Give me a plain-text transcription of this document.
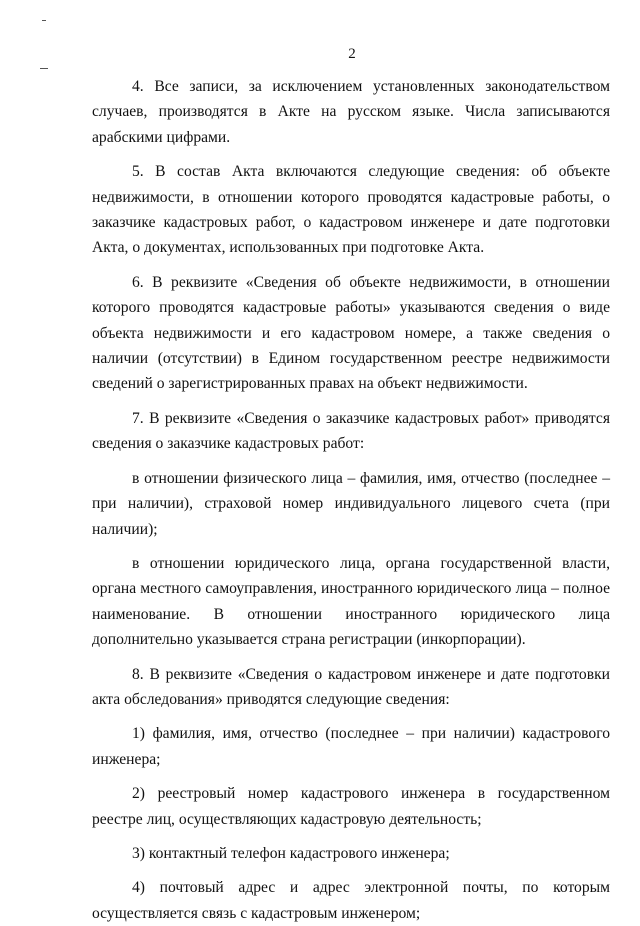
2

4. Все записи, за исключением установленных законодательством случаев, производятся в Акте на русском языке. Числа записываются арабскими цифрами.

5. В состав Акта включаются следующие сведения: об объекте недвижимости, в отношении которого проводятся кадастровые работы, о заказчике кадастровых работ, о кадастровом инженере и дате подготовки Акта, о документах, использованных при подготовке Акта.

6. В реквизите «Сведения об объекте недвижимости, в отношении которого проводятся кадастровые работы» указываются сведения о виде объекта недвижимости и его кадастровом номере, а также сведения о наличии (отсутствии) в Едином государственном реестре недвижимости сведений о зарегистрированных правах на объект недвижимости.

7. В реквизите «Сведения о заказчике кадастровых работ» приводятся сведения о заказчике кадастровых работ:

в отношении физического лица – фамилия, имя, отчество (последнее – при наличии), страховой номер индивидуального лицевого счета (при наличии);

в отношении юридического лица, органа государственной власти, органа местного самоуправления, иностранного юридического лица – полное наименование. В отношении иностранного юридического лица дополнительно указывается страна регистрации (инкорпорации).

8. В реквизите «Сведения о кадастровом инженере и дате подготовки акта обследования» приводятся следующие сведения:

1) фамилия, имя, отчество (последнее – при наличии) кадастрового инженера;

2) реестровый номер кадастрового инженера в государственном реестре лиц, осуществляющих кадастровую деятельность;

3) контактный телефон кадастрового инженера;

4) почтовый адрес и адрес электронной почты, по которым осуществляется связь с кадастровым инженером;
